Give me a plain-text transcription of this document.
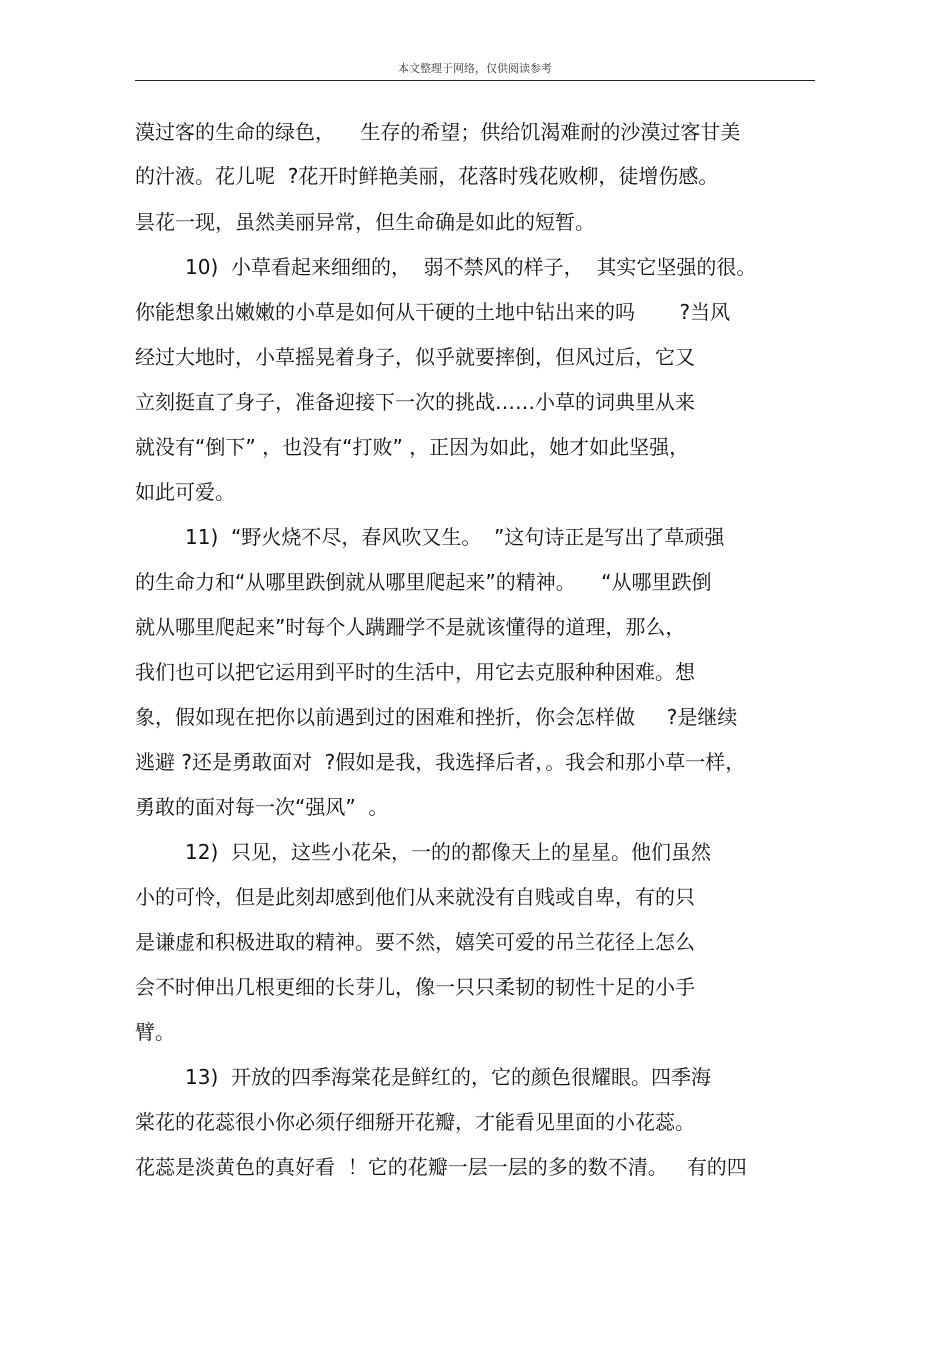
本文整理于网络，仅供阅读参考
漠过客的生命的绿色，    生存的希望；供给饥渴难耐的沙漠过客甘美
的汁液。花儿呢  ?花开时鲜艳美丽，花落时残花败柳，徒增伤感。
昙花一现，虽然美丽异常，但生命确是如此的短暂。
10)  小草看起来细细的，  弱不禁风的样子，  其实它坚强的很。
你能想象出嫩嫩的小草是如何从干硬的土地中钻出来的吗       ?当风
经过大地时，小草摇晃着身子，似乎就要摔倒，但风过后，它又
立刻挺直了身子，准备迎接下一次的挑战……小草的词典里从来
就没有“倒下” ，也没有“打败” ，正因为如此，她才如此坚强，
如此可爱。
11)  “野火烧不尽，春风吹又生。  ”这句诗正是写出了草顽强
的生命力和“从哪里跌倒就从哪里爬起来”的精神。    “从哪里跌倒
就从哪里爬起来”时每个人蹒跚学不是就该懂得的道理，那么，
我们也可以把它运用到平时的生活中，用它去克服种种困难。想
象，假如现在把你以前遇到过的困难和挫折，你会怎样做     ?是继续
逃避 ?还是勇敢面对  ?假如是我，我选择后者，。我会和那小草一样，
勇敢的面对每一次“强风”  。
12)  只见，这些小花朵，一的的都像天上的星星。他们虽然
小的可怜，但是此刻却感到他们从来就没有自贱或自卑，有的只
是谦虚和积极进取的精神。要不然，嬉笑可爱的吊兰花径上怎么
会不时伸出几根更细的长芽儿，像一只只柔韧的韧性十足的小手
臂。
13)  开放的四季海棠花是鲜红的，它的颜色很耀眼。四季海
棠花的花蕊很小你必须仔细掰开花瓣，才能看见里面的小花蕊。
花蕊是淡黄色的真好看  ！它的花瓣一层一层的多的数不清。   有的四
